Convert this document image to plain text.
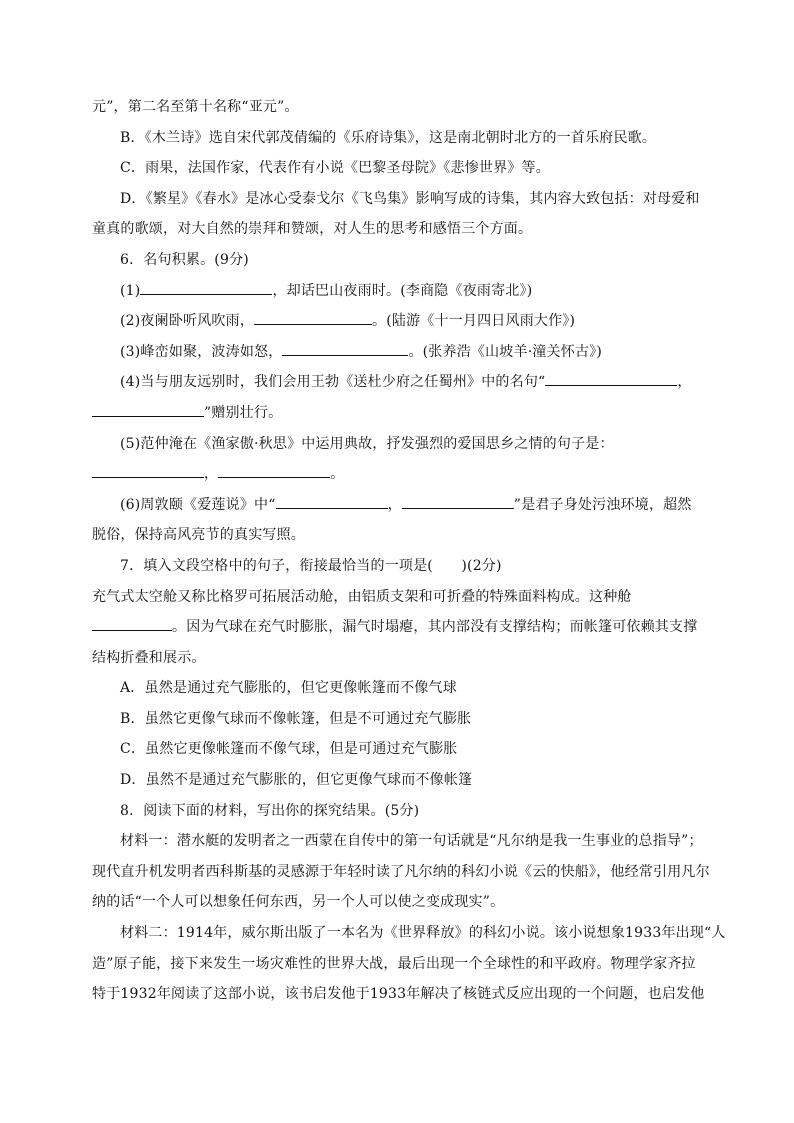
元”，第二名至第十名称“亚元”。
B．《木兰诗》选自宋代郭茂倩编的《乐府诗集》，这是南北朝时北方的一首乐府民歌。
C．雨果，法国作家，代表作有小说《巴黎圣母院》《悲惨世界》等。
D．《繁星》《春水》是冰心受泰戈尔《飞鸟集》影响写成的诗集，其内容大致包括：对母爱和
童真的歌颂，对大自然的崇拜和赞颂，对人生的思考和感悟三个方面。
6．名句积累。(9分)
(1)	，却话巴山夜雨时。(李商隐《夜雨寄北》)
(2)夜阑卧听风吹雨，	。(陆游《十一月四日风雨大作》)
(3)峰峦如聚，波涛如怒，	。(张养浩《山坡羊·潼关怀古》)
(4)当与朋友远别时，我们会用王勃《送杜少府之任蜀州》中的名句“	，
”赠别壮行。
(5)范仲淹在《渔家傲·秋思》中运用典故，抒发强烈的爱国思乡之情的句子是：
，	。
(6)周敦颐《爱莲说》中“	，	”是君子身处污浊环境，超然
脱俗，保持高风亮节的真实写照。
7．填入文段空格中的句子，衔接最恰当的一项是(　　)(2分)
充气式太空舱又称比格罗可拓展活动舱，由铝质支架和可折叠的特殊面料构成。这种舱
。因为气球在充气时膨胀，漏气时塌瘪，其内部没有支撑结构；而帐篷可依赖其支撑
结构折叠和展示。
A．虽然是通过充气膨胀的，但它更像帐篷而不像气球
B．虽然它更像气球而不像帐篷，但是不可通过充气膨胀
C．虽然它更像帐篷而不像气球，但是可通过充气膨胀
D．虽然不是通过充气膨胀的，但它更像气球而不像帐篷
8．阅读下面的材料，写出你的探究结果。(5分)
材料一：潜水艇的发明者之一西蒙在自传中的第一句话就是“凡尔纳是我一生事业的总指导”；
现代直升机发明者西科斯基的灵感源于年轻时读了凡尔纳的科幻小说《云的快船》，他经常引用凡尔
纳的话“一个人可以想象任何东西，另一个人可以使之变成现实”。
材料二：1914年，威尔斯出版了一本名为《世界释放》的科幻小说。该小说想象1933年出现“人
造”原子能，接下来发生一场灾难性的世界大战，最后出现一个全球性的和平政府。物理学家齐拉
特于1932年阅读了这部小说，该书启发他于1933年解决了核链式反应出现的一个问题，也启发他
